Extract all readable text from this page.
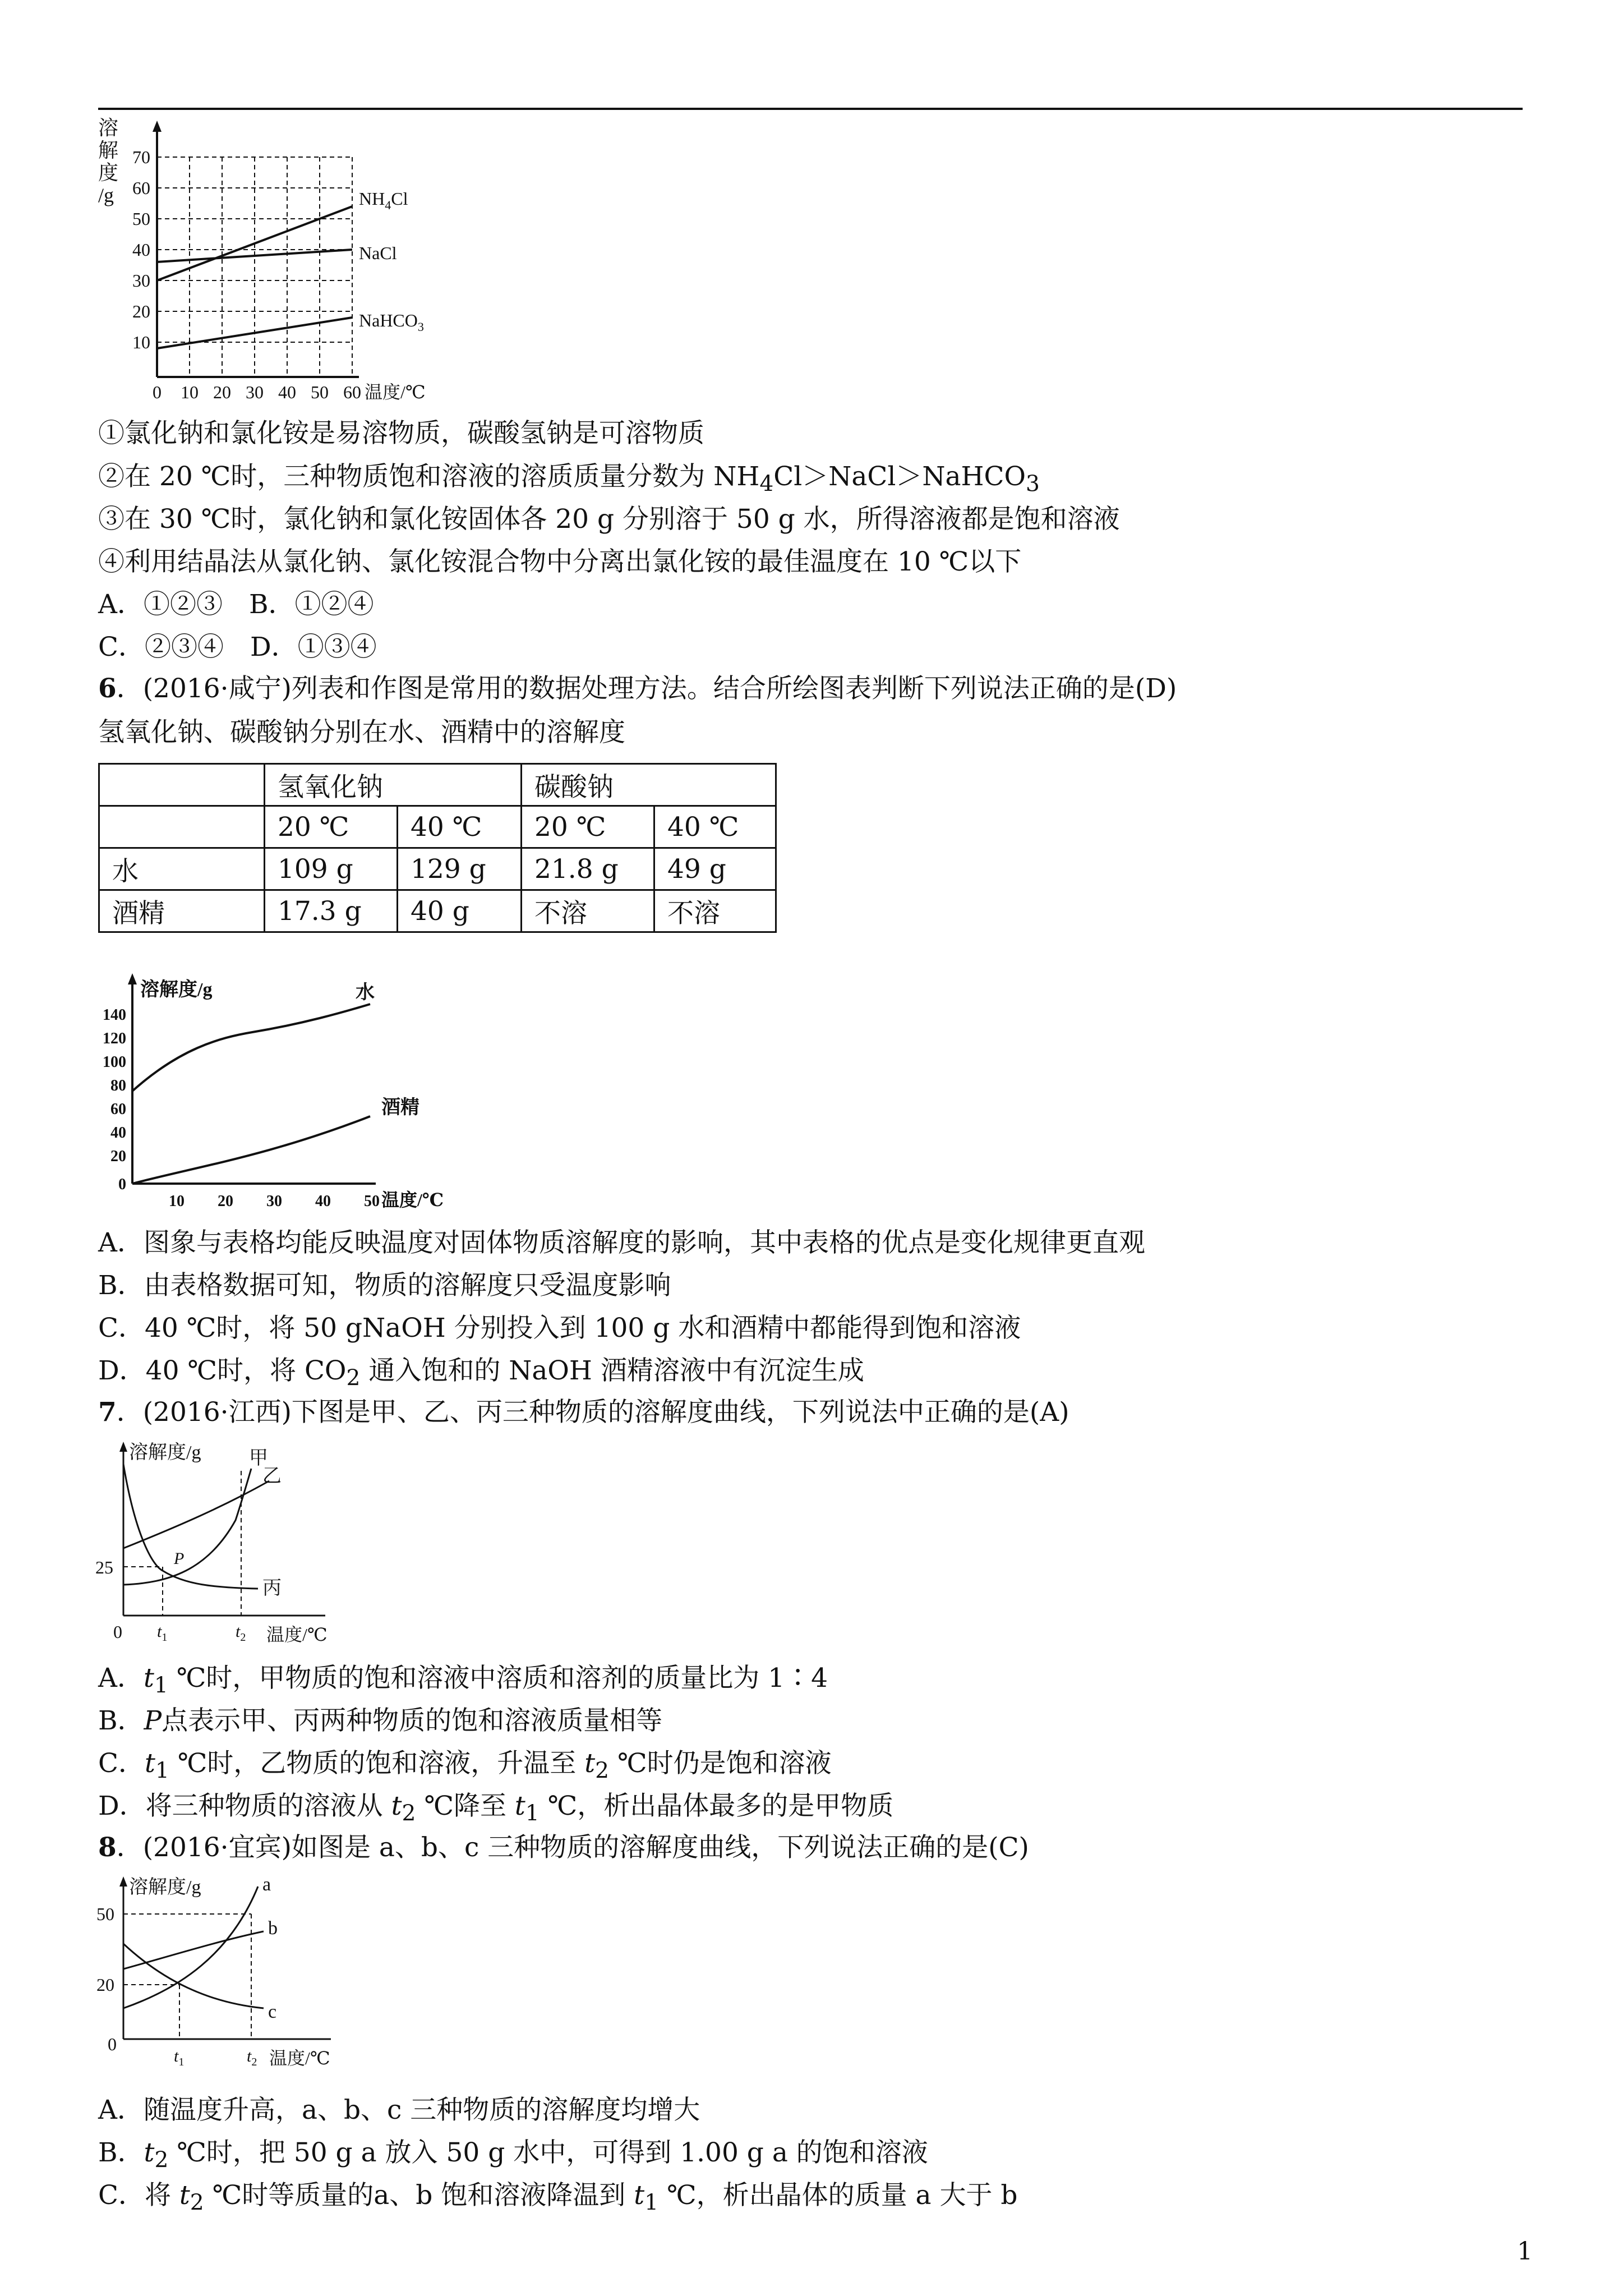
溶
解
度
/g
70
60
50
40
30
20
10
0 10 20 30 40 50 60 温度/℃
$NH_4Cl$
NaCl
NaHCO$_3$
①氯化钠和氯化铵是易溶物质，碳酸氢钠是可溶物质
②在 20 ℃时，三种物质饱和溶液的溶质质量分数为 $NH_4Cl>NaCl>NaHCO_3$
③在 30 ℃时，氯化钠和氯化铵固体各 20 g 分别溶于 50 g 水，所得溶液都是饱和溶液
④利用结晶法从氯化钠、氯化铵混合物中分离出氯化铵的最佳温度在 10 ℃以下
A．①②③　B．①②④
C．②③④　D．①③④
6．(2016·咸宁)列表和作图是常用的数据处理方法。结合所绘图表判断下列说法正确的是(D)
氢氧化钠、碳酸钠分别在水、酒精中的溶解度
	氢氧化钠		碳酸钠	
	20 ℃	40 ℃	20 ℃	40 ℃
水	109 g	129 g	21.8 g	49 g
酒精	17.3 g	40 g	不溶	不溶
溶解度/g
140
120
100
80
60
40
20
0
10 20 30 40 50 温度/℃
水
酒精
A．图象与表格均能反映温度对固体物质溶解度的影响，其中表格的优点是变化规律更直观
B．由表格数据可知，物质的溶解度只受温度影响
C．40 ℃时，将 50 gNaOH 分别投入到 100 g 水和酒精中都能得到饱和溶液
D．40 ℃时，将 $CO_2$ 通入饱和的 NaOH 酒精溶液中有沉淀生成
7．(2016·江西)下图是甲、乙、丙三种物质的溶解度曲线，下列说法中正确的是(A)
溶解度/g
25
0
P
甲
乙
丙
$t_1$	$t_2$ 温度/℃
A．$t_1$ ℃时，甲物质的饱和溶液中溶质和溶剂的质量比为 1∶4
B．P点表示甲、丙两种物质的饱和溶液质量相等
C．$t_1$ ℃时，乙物质的饱和溶液，升温至 $t_2$ ℃时仍是饱和溶液
D．将三种物质的溶液从 $t_2$ ℃降至 $t_1$ ℃，析出晶体最多的是甲物质
8．(2016·宜宾)如图是 a、b、c 三种物质的溶解度曲线，下列说法正确的是(C)
溶解度/g
50
20
0
a
b
c
$t_1$	$t_2$ 温度/℃
A．随温度升高，a、b、c 三种物质的溶解度均增大
B．$t_2$ ℃时，把 50 g a 放入 50 g 水中，可得到 1.00 g a 的饱和溶液
C．将 $t_2$ ℃时等质量的a、b 饱和溶液降温到 $t_1$ ℃，析出晶体的质量 a 大于 b
1
